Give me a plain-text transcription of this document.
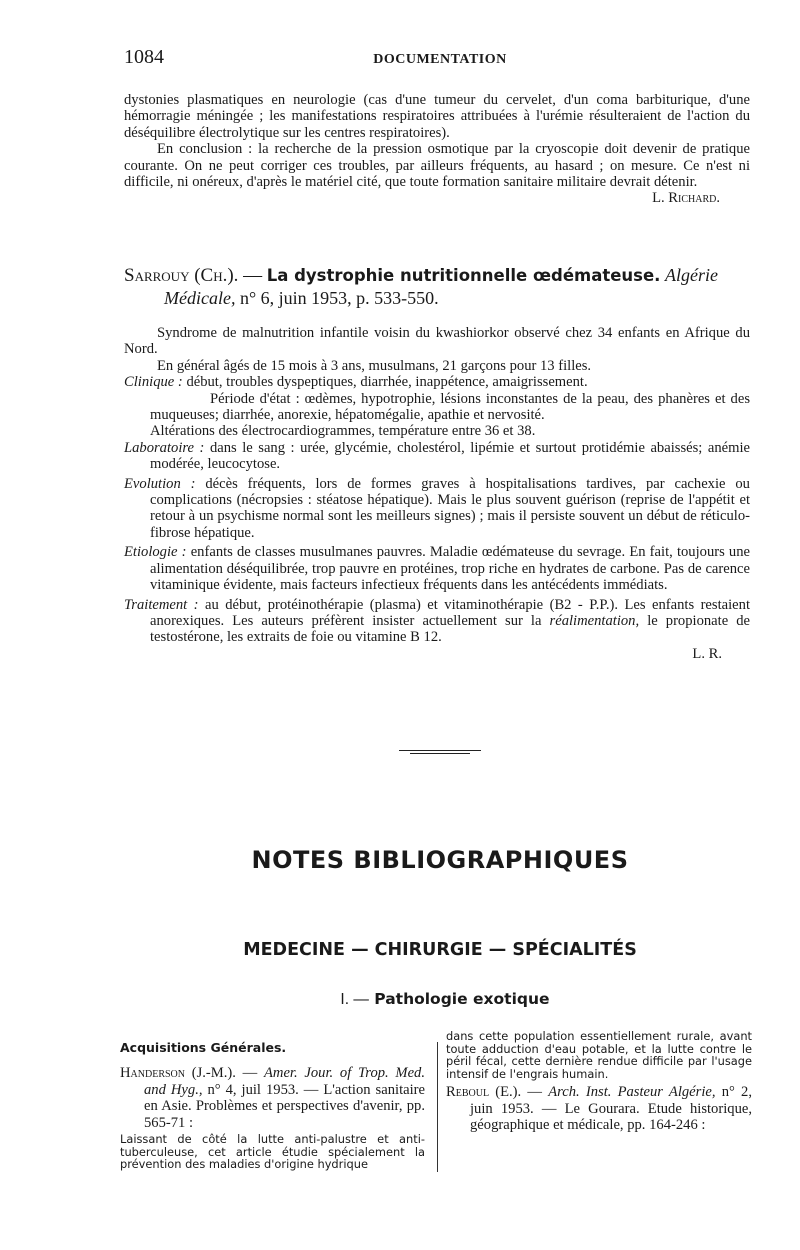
1084	DOCUMENTATION

dystonies plasmatiques en neurologie (cas d'une tumeur du cervelet, d'un coma barbiturique, d'une hémorragie méningée ; les manifestations respiratoires attribuées à l'urémie résulteraient de l'action du déséquilibre électrolytique sur les centres respiratoires).

En conclusion : la recherche de la pression osmotique par la cryoscopie doit devenir de pratique courante. On ne peut corriger ces troubles, par ailleurs fréquents, au hasard ; on mesure. Ce n'est ni difficile, ni onéreux, d'après le matériel cité, que toute formation sanitaire militaire devrait détenir.

L. Richard.

Sarrouy (Ch.). — La dystrophie nutritionnelle œdémateuse. Algérie
Médicale, n° 6, juin 1953, p. 533-550.

Syndrome de malnutrition infantile voisin du kwashiorkor observé chez 34 enfants en Afrique du Nord.

En général âgés de 15 mois à 3 ans, musulmans, 21 garçons pour 13 filles.

Clinique : début, troubles dyspeptiques, diarrhée, inappétence, amaigrissement.

Période d'état : œdèmes, hypotrophie, lésions inconstantes de la peau, des phanères et des muqueuses; diarrhée, anorexie, hépatomégalie, apathie et nervosité.

Altérations des électrocardiogrammes, température entre 36 et 38.

Laboratoire : dans le sang : urée, glycémie, cholestérol, lipémie et surtout protidémie abaissés; anémie modérée, leucocytose.

Evolution : décès fréquents, lors de formes graves à hospitalisations tardives, par cachexie ou complications (nécropsies : stéatose hépatique). Mais le plus souvent guérison (reprise de l'appétit et retour à un psychisme normal sont les meilleurs signes) ; mais il persiste souvent un début de réticulo-fibrose hépatique.

Etiologie : enfants de classes musulmanes pauvres. Maladie œdémateuse du sevrage. En fait, toujours une alimentation déséquilibrée, trop pauvre en protéines, trop riche en hydrates de carbone. Pas de carence vitaminique évidente, mais facteurs infectieux fréquents dans les antécédents immédiats.

Traitement : au début, protéinothérapie (plasma) et vitaminothérapie (B2 - P.P.). Les enfants restaient anorexiques. Les auteurs préfèrent insister actuellement sur la réalimentation, le propionate de testostérone, les extraits de foie ou vitamine B 12.

L. R.

NOTES BIBLIOGRAPHIQUES
MEDECINE — CHIRURGIE — SPÉCIALITÉS
I. — Pathologie exotique
Acquisitions Générales.
Handerson (J.-M.). — Amer. Jour. of Trop. Med. and Hyg., n° 4, juil 1953. — L'action sanitaire en Asie. Problèmes et perspectives d'avenir, pp. 565-71 :
Laissant de côté la lutte anti-palustre et anti-tuberculeuse, cet article étudie spécialement la prévention des maladies d'origine hydrique
dans cette population essentiellement rurale, avant toute adduction d'eau potable, et la lutte contre le péril fécal, cette dernière rendue difficile par l'usage intensif de l'engrais humain.
Reboul (E.). — Arch. Inst. Pasteur Algérie, n° 2, juin 1953. — Le Gourara. Etude historique, géographique et médicale, pp. 164-246 :
